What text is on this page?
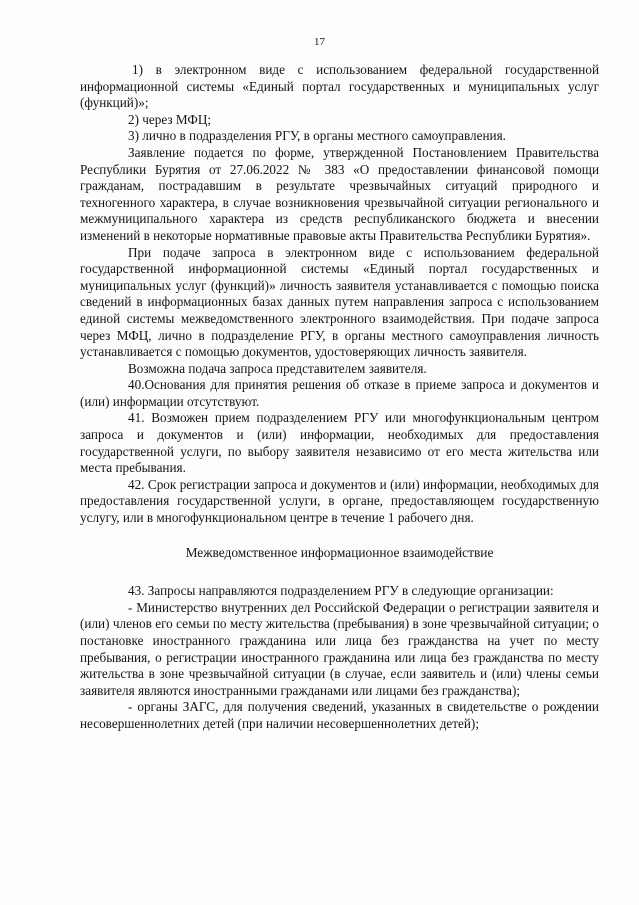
17

1) в электронном виде с использованием федеральной государственной информационной системы «Единый портал государственных и муниципальных услуг (функций)»;

2) через МФЦ;

3) лично в подразделения РГУ, в органы местного самоуправления.

Заявление подается по форме, утвержденной Постановлением Правительства Республики Бурятия от 27.06.2022 № 383 «О предоставлении финансовой помощи гражданам, пострадавшим в результате чрезвычайных ситуаций природного и техногенного характера, в случае возникновения чрезвычайной ситуации регионального и межмуниципального характера из средств республиканского бюджета и внесении изменений в некоторые нормативные правовые акты Правительства Республики Бурятия».

При подаче запроса в электронном виде с использованием федеральной государственной информационной системы «Единый портал государственных и муниципальных услуг (функций)» личность заявителя устанавливается с помощью поиска сведений в информационных базах данных путем направления запроса с использованием единой системы межведомственного электронного взаимодействия. При подаче запроса через МФЦ, лично в подразделение РГУ, в органы местного самоуправления личность устанавливается с помощью документов, удостоверяющих личность заявителя.

Возможна подача запроса представителем заявителя.

40.Основания для принятия решения об отказе в приеме запроса и документов и (или) информации отсутствуют.

41. Возможен прием подразделением РГУ или многофункциональным центром запроса и документов и (или) информации, необходимых для предоставления государственной услуги, по выбору заявителя независимо от его места жительства или места пребывания.

42. Срок регистрации запроса и документов и (или) информации, необходимых для предоставления государственной услуги, в органе, предоставляющем государственную услугу, или в многофункциональном центре в течение 1 рабочего дня.

Межведомственное информационное взаимодействие

43. Запросы направляются подразделением РГУ в следующие организации:

- Министерство внутренних дел Российской Федерации о регистрации заявителя и (или) членов его семьи по месту жительства (пребывания) в зоне чрезвычайной ситуации; о постановке иностранного гражданина или лица без гражданства на учет по месту пребывания, о регистрации иностранного гражданина или лица без гражданства по месту жительства в зоне чрезвычайной ситуации (в случае, если заявитель и (или) члены семьи заявителя являются иностранными гражданами или лицами без гражданства);

- органы ЗАГС, для получения сведений, указанных в свидетельстве о рождении несовершеннолетних детей (при наличии несовершеннолетних детей);
